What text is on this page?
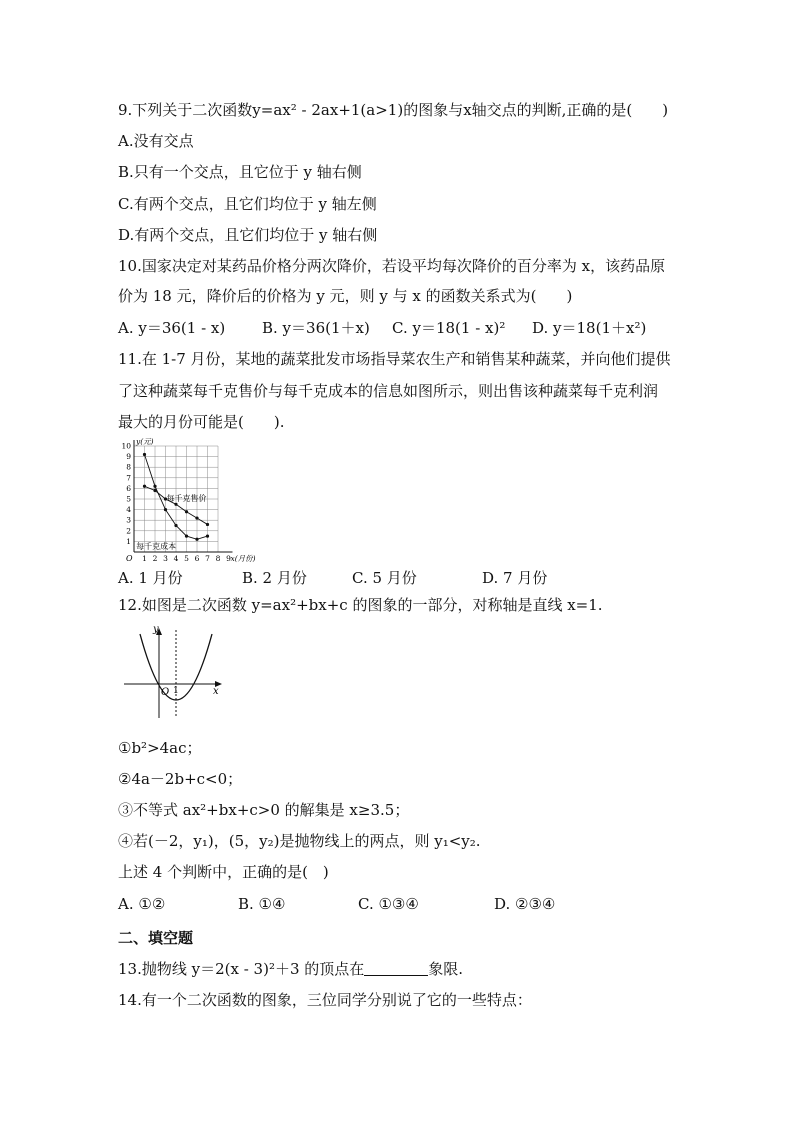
9.下列关于二次函数y=ax² - 2ax+1(a>1)的图象与x轴交点的判断,正确的是(　　)
A.没有交点
B.只有一个交点，且它位于 y 轴右侧
C.有两个交点，且它们均位于 y 轴左侧
D.有两个交点，且它们均位于 y 轴右侧
10.国家决定对某药品价格分两次降价，若设平均每次降价的百分率为 x，该药品原
价为 18 元，降价后的价格为 y 元，则 y 与 x 的函数关系式为(　　)
A. y＝36(1 - x) B. y＝36(1＋x) C. y＝18(1 - x)² D. y＝18(1＋x²)
11.在 1-7 月份，某地的蔬菜批发市场指导菜农生产和销售某种蔬菜，并向他们提供
了这种蔬菜每千克售价与每千克成本的信息如图所示，则出售该种蔬菜每千克利润
最大的月份可能是(　　).
1 2 3 4 5 6 7 8 9
1
2
3
4
5
6
7
8
9
10 y(元)
x(月份)
O
每千克售价
每千克成本
A. 1 月份	B. 2 月份	C. 5 月份	D. 7 月份
12.如图是二次函数 y=ax²+bx+c 的图象的一部分，对称轴是直线 x=1.
y
x
O 1
①b²>4ac；
②4a－2b+c<0；
③不等式 ax²+bx+c>0 的解集是 x≥3.5；
④若(－2，y₁)，(5，y₂)是抛物线上的两点，则 y₁<y₂.
上述 4 个判断中，正确的是(　)
A. ①②	B. ①④	C. ①③④	D. ②③④
二、填空题
13.抛物线 y＝2(x - 3)²＋3 的顶点在	象限.
14.有一个二次函数的图象，三位同学分别说了它的一些特点：
